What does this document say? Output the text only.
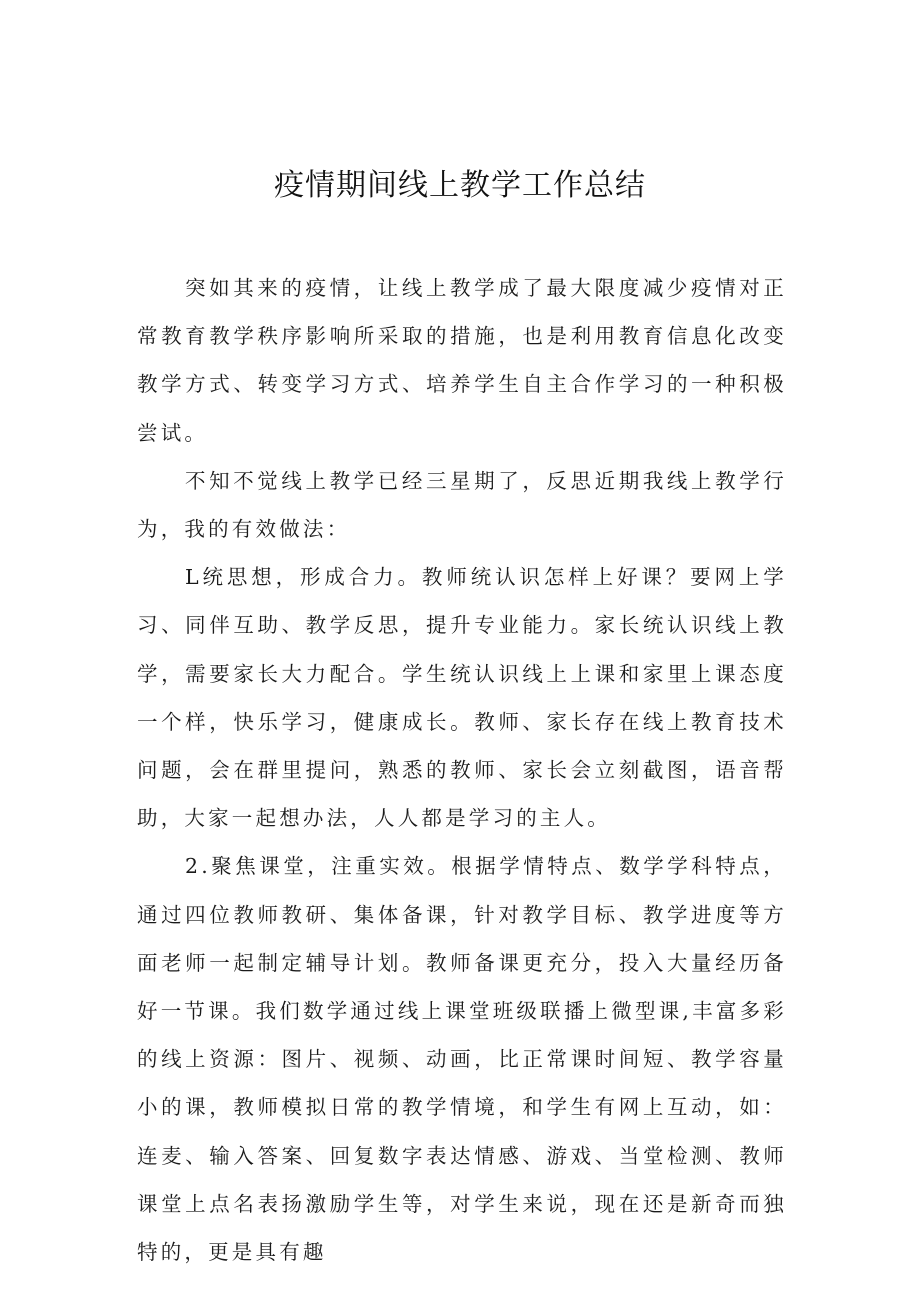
疫情期间线上教学工作总结

突如其来的疫情，让线上教学成了最大限度减少疫情对正常教育教学秩序影响所采取的措施，也是利用教育信息化改变教学方式、转变学习方式、培养学生自主合作学习的一种积极尝试。

不知不觉线上教学已经三星期了，反思近期我线上教学行为，我的有效做法：

L统思想，形成合力。教师统认识怎样上好课？要网上学习、同伴互助、教学反思，提升专业能力。家长统认识线上教学，需要家长大力配合。学生统认识线上上课和家里上课态度一个样，快乐学习，健康成长。教师、家长存在线上教育技术问题，会在群里提问，熟悉的教师、家长会立刻截图，语音帮助，大家一起想办法，人人都是学习的主人。

2.聚焦课堂，注重实效。根据学情特点、数学学科特点，通过四位教师教研、集体备课，针对教学目标、教学进度等方面老师一起制定辅导计划。教师备课更充分，投入大量经历备好一节课。我们数学通过线上课堂班级联播上微型课,丰富多彩的线上资源：图片、视频、动画，比正常课时间短、教学容量小的课，教师模拟日常的教学情境，和学生有网上互动，如：连麦、输入答案、回复数字表达情感、游戏、当堂检测、教师课堂上点名表扬激励学生等，对学生来说，现在还是新奇而独特的，更是具有趣
